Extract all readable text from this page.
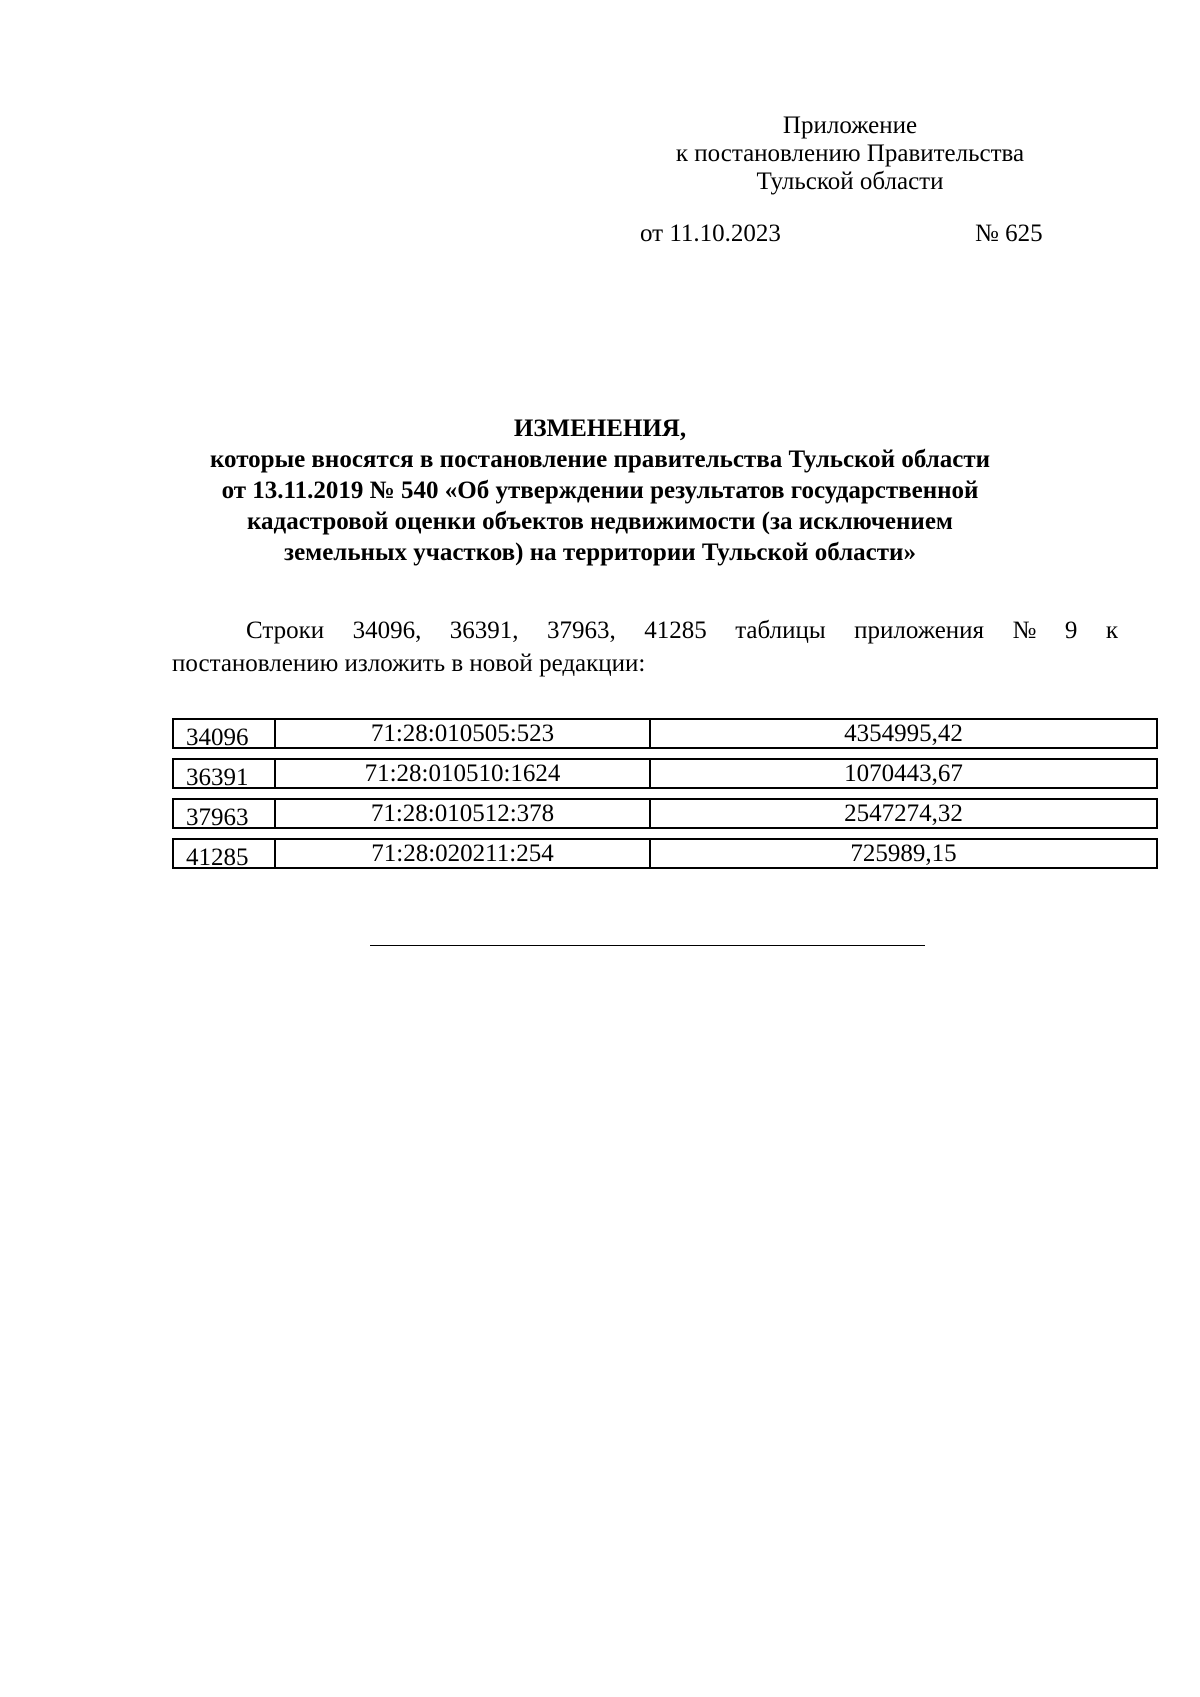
Приложение
к постановлению Правительства
Тульской области
от 11.10.2023	№ 625
ИЗМЕНЕНИЯ,
которые вносятся в постановление правительства Тульской области
от 13.11.2019 № 540 «Об утверждении результатов государственной
кадастровой оценки объектов недвижимости (за исключением
земельных участков) на территории Тульской области»
Строки 34096, 36391, 37963, 41285 таблицы приложения № 9 к
постановлению изложить в новой редакции:
34096	71:28:010505:523	4354995,42
36391	71:28:010510:1624	1070443,67
37963	71:28:010512:378	2547274,32
41285	71:28:020211:254	725989,15
